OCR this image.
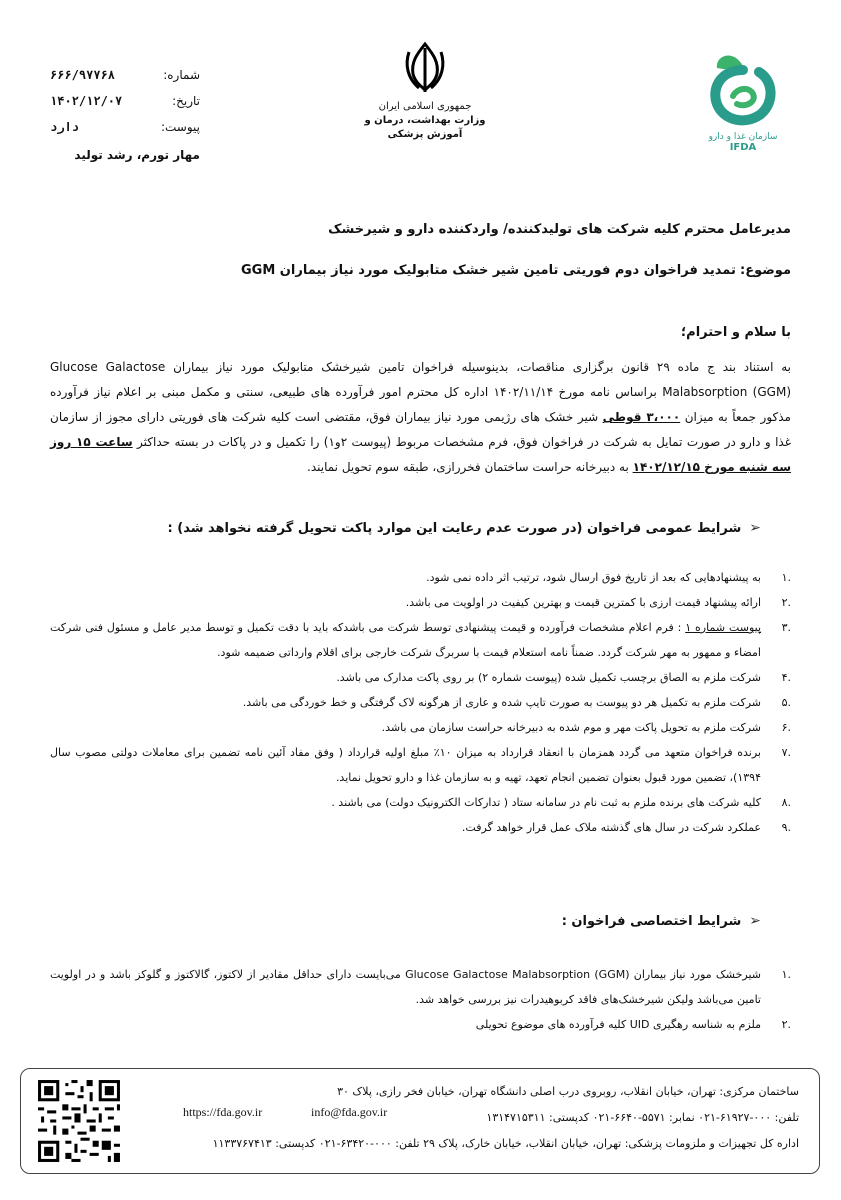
شماره:
۶۶۶/۹۷۷۶۸
تاریخ:
۱۴۰۲/۱۲/۰۷
پیوست:
دارد
مهار تورم، رشد تولید
جمهوری اسلامی ایران
وزارت بهداشت، درمان و آموزش پزشکی	سازمان غذا و دارو
IFDA
مدیرعامل محترم کلیه شرکت های تولیدکننده/ واردکننده دارو و شیرخشک
موضوع: تمدید فراخوان دوم فوریتی تامین شیر خشک متابولیک مورد نیاز بیماران GGM
با سلام و احترام؛
به استناد بند ج ماده ۲۹ قانون برگزاری مناقصات، بدینوسیله فراخوان تامین شیرخشک متابولیک مورد نیاز بیماران Glucose Galactose Malabsorption (GGM) براساس نامه مورخ ۱۴۰۲/۱۱/۱۴ اداره کل محترم امور فرآورده های طبیعی، سنتی و مکمل مبنی بر اعلام نیاز فرآورده مذکور جمعاً به میزان ۳،۰۰۰ قوطی شیر خشک های رژیمی مورد نیاز بیماران فوق، مقتضی است کلیه شرکت های فوریتی دارای مجوز از سازمان غذا و دارو در صورت تمایل به شرکت در فراخوان فوق، فرم مشخصات مربوط (پیوست ۲و۱) را تکمیل و در پاکات در بسته حداکثر ساعت ۱۵ روز سه شنبه مورخ ۱۴۰۲/۱۲/۱۵ به دبیرخانه حراست ساختمان فخررازی، طبقه سوم تحویل نمایند.
➢
شرایط عمومی فراخوان (در صورت عدم رعایت این موارد پاکت تحویل گرفته نخواهد شد) :
.۱
به پیشنهادهایی که بعد از تاریخ فوق ارسال شود، ترتیب اثر داده نمی شود.
.۲
ارائه پیشنهاد قیمت ارزی با کمترین قیمت و بهترین کیفیت در اولویت می باشد.
.۳
پیوست شماره ۱ : فرم اعلام مشخصات فرآورده و قیمت پیشنهادی توسط شرکت می باشدکه باید با دقت تکمیل و توسط مدیر عامل و مسئول فنی شرکت امضاء و ممهور به مهر شرکت گردد. ضمناً نامه استعلام قیمت با سربرگ شرکت خارجی برای اقلام وارداتی ضمیمه شود.
.۴
شرکت ملزم به الصاق برچسب تکمیل شده (پیوست شماره ۲) بر روی پاکت مدارک می باشد.
.۵
شرکت ملزم به تکمیل هر دو پیوست به صورت تایپ شده و عاری از هرگونه لاک گرفتگی و خط خوردگی می باشد.
.۶
شرکت ملزم به تحویل پاکت مهر و موم شده به دبیرخانه حراست سازمان می باشد.
.۷
برنده فراخوان متعهد می گردد همزمان با انعقاد قرارداد به میزان ۱۰٪ مبلغ اولیه قرارداد ( وفق مفاد آئین نامه تضمین برای معاملات دولتی مصوب سال ۱۳۹۴)، تضمین مورد قبول بعنوان تضمین انجام تعهد، تهیه و به سازمان غذا و دارو تحویل نماید.
.۸
کلیه شرکت های برنده ملزم به ثبت نام در سامانه ستاد ( تدارکات الکترونیک دولت) می باشند .
.۹
عملکرد شرکت در سال های گذشته ملاک عمل قرار خواهد گرفت.
➢
شرایط اختصاصی فراخوان :
.۱
شیرخشک مورد نیاز بیماران Glucose Galactose Malabsorption (GGM) می‌بایست دارای حداقل مقادیر از لاکتوز، گالاکتوز و گلوکز باشد و در اولویت تامین می‌باشد ولیکن شیرخشک‌های فاقد کربوهیدرات نیز بررسی خواهد شد.
.۲
ملزم به شناسه رهگیری UID کلیه فرآورده های موضوع تحویلی
ساختمان مرکزی: تهران، خیابان انقلاب، روبروی درب اصلی دانشگاه تهران، خیابان فخر رازی، پلاک ۳۰
تلفن: ۰۰۰-۶۱۹۲۷-۰۲۱ نمابر: ۵۵۷۱-۶۶۴۰-۰۲۱ کدپستی: ۱۳۱۴۷۱۵۳۱۱
اداره کل تجهیزات و ملزومات پزشکی: تهران، خیابان انقلاب، خیابان خارک، پلاک ۲۹ تلفن: ۰۰۰-۶۳۴۲۰-۰۲۱ کدپستی: ۱۱۳۳۷۶۷۴۱۳
https://fda.gov.ir	info@fda.gov.ir
